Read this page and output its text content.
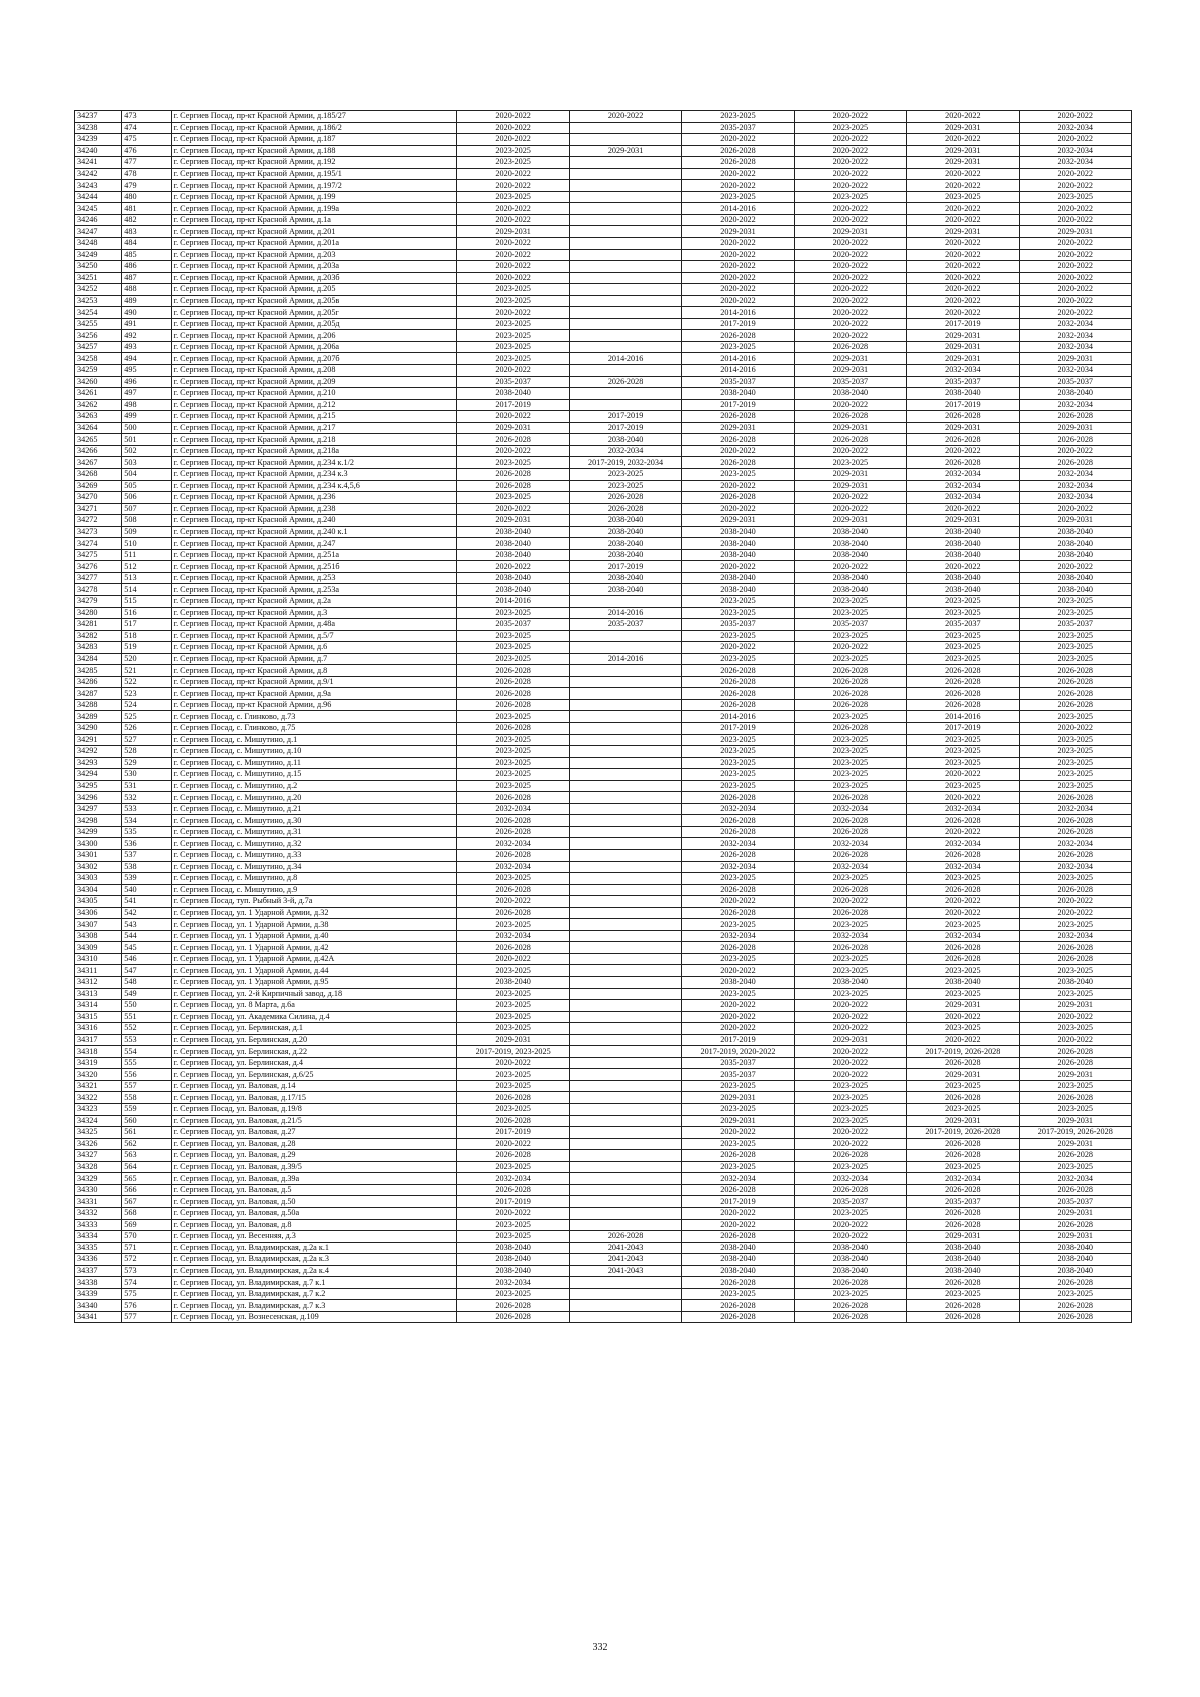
34237	473	г. Сергиев Посад, пр-кт Красной Армии, д.185/27	2020-2022	2020-2022	2023-2025	2020-2022	2020-2022	2020-2022
34238	474	г. Сергиев Посад, пр-кт Красной Армии, д.186/2	2020-2022		2035-2037	2023-2025	2029-2031	2032-2034
34239	475	г. Сергиев Посад, пр-кт Красной Армии, д.187	2020-2022		2020-2022	2020-2022	2020-2022	2020-2022
34240	476	г. Сергиев Посад, пр-кт Красной Армии, д.188	2023-2025	2029-2031	2026-2028	2020-2022	2029-2031	2032-2034
34241	477	г. Сергиев Посад, пр-кт Красной Армии, д.192	2023-2025		2026-2028	2020-2022	2029-2031	2032-2034
34242	478	г. Сергиев Посад, пр-кт Красной Армии, д.195/1	2020-2022		2020-2022	2020-2022	2020-2022	2020-2022
34243	479	г. Сергиев Посад, пр-кт Красной Армии, д.197/2	2020-2022		2020-2022	2020-2022	2020-2022	2020-2022
34244	480	г. Сергиев Посад, пр-кт Красной Армии, д.199	2023-2025		2023-2025	2023-2025	2023-2025	2023-2025
34245	481	г. Сергиев Посад, пр-кт Красной Армии, д.199а	2020-2022		2014-2016	2020-2022	2020-2022	2020-2022
34246	482	г. Сергиев Посад, пр-кт Красной Армии, д.1а	2020-2022		2020-2022	2020-2022	2020-2022	2020-2022
34247	483	г. Сергиев Посад, пр-кт Красной Армии, д.201	2029-2031		2029-2031	2029-2031	2029-2031	2029-2031
34248	484	г. Сергиев Посад, пр-кт Красной Армии, д.201а	2020-2022		2020-2022	2020-2022	2020-2022	2020-2022
34249	485	г. Сергиев Посад, пр-кт Красной Армии, д.203	2020-2022		2020-2022	2020-2022	2020-2022	2020-2022
34250	486	г. Сергиев Посад, пр-кт Красной Армии, д.203а	2020-2022		2020-2022	2020-2022	2020-2022	2020-2022
34251	487	г. Сергиев Посад, пр-кт Красной Армии, д.203б	2020-2022		2020-2022	2020-2022	2020-2022	2020-2022
34252	488	г. Сергиев Посад, пр-кт Красной Армии, д.205	2023-2025		2020-2022	2020-2022	2020-2022	2020-2022
34253	489	г. Сергиев Посад, пр-кт Красной Армии, д.205в	2023-2025		2020-2022	2020-2022	2020-2022	2020-2022
34254	490	г. Сергиев Посад, пр-кт Красной Армии, д.205г	2020-2022		2014-2016	2020-2022	2020-2022	2020-2022
34255	491	г. Сергиев Посад, пр-кт Красной Армии, д.205д	2023-2025		2017-2019	2020-2022	2017-2019	2032-2034
34256	492	г. Сергиев Посад, пр-кт Красной Армии, д.206	2023-2025		2026-2028	2020-2022	2029-2031	2032-2034
34257	493	г. Сергиев Посад, пр-кт Красной Армии, д.206а	2023-2025		2023-2025	2026-2028	2029-2031	2032-2034
34258	494	г. Сергиев Посад, пр-кт Красной Армии, д.207б	2023-2025	2014-2016	2014-2016	2029-2031	2029-2031	2029-2031
34259	495	г. Сергиев Посад, пр-кт Красной Армии, д.208	2020-2022		2014-2016	2029-2031	2032-2034	2032-2034
34260	496	г. Сергиев Посад, пр-кт Красной Армии, д.209	2035-2037	2026-2028	2035-2037	2035-2037	2035-2037	2035-2037
34261	497	г. Сергиев Посад, пр-кт Красной Армии, д.210	2038-2040		2038-2040	2038-2040	2038-2040	2038-2040
34262	498	г. Сергиев Посад, пр-кт Красной Армии, д.212	2017-2019		2017-2019	2020-2022	2017-2019	2032-2034
34263	499	г. Сергиев Посад, пр-кт Красной Армии, д.215	2020-2022	2017-2019	2026-2028	2026-2028	2026-2028	2026-2028
34264	500	г. Сергиев Посад, пр-кт Красной Армии, д.217	2029-2031	2017-2019	2029-2031	2029-2031	2029-2031	2029-2031
34265	501	г. Сергиев Посад, пр-кт Красной Армии, д.218	2026-2028	2038-2040	2026-2028	2026-2028	2026-2028	2026-2028
34266	502	г. Сергиев Посад, пр-кт Красной Армии, д.218а	2020-2022	2032-2034	2020-2022	2020-2022	2020-2022	2020-2022
34267	503	г. Сергиев Посад, пр-кт Красной Армии, д.234 к.1/2	2023-2025	2017-2019, 2032-2034	2026-2028	2023-2025	2026-2028	2026-2028
34268	504	г. Сергиев Посад, пр-кт Красной Армии, д.234 к.3	2026-2028	2023-2025	2023-2025	2029-2031	2032-2034	2032-2034
34269	505	г. Сергиев Посад, пр-кт Красной Армии, д.234 к.4,5,6	2026-2028	2023-2025	2020-2022	2029-2031	2032-2034	2032-2034
34270	506	г. Сергиев Посад, пр-кт Красной Армии, д.236	2023-2025	2026-2028	2026-2028	2020-2022	2032-2034	2032-2034
34271	507	г. Сергиев Посад, пр-кт Красной Армии, д.238	2020-2022	2026-2028	2020-2022	2020-2022	2020-2022	2020-2022
34272	508	г. Сергиев Посад, пр-кт Красной Армии, д.240	2029-2031	2038-2040	2029-2031	2029-2031	2029-2031	2029-2031
34273	509	г. Сергиев Посад, пр-кт Красной Армии, д.240 к.1	2038-2040	2038-2040	2038-2040	2038-2040	2038-2040	2038-2040
34274	510	г. Сергиев Посад, пр-кт Красной Армии, д.247	2038-2040	2038-2040	2038-2040	2038-2040	2038-2040	2038-2040
34275	511	г. Сергиев Посад, пр-кт Красной Армии, д.251а	2038-2040	2038-2040	2038-2040	2038-2040	2038-2040	2038-2040
34276	512	г. Сергиев Посад, пр-кт Красной Армии, д.251б	2020-2022	2017-2019	2020-2022	2020-2022	2020-2022	2020-2022
34277	513	г. Сергиев Посад, пр-кт Красной Армии, д.253	2038-2040	2038-2040	2038-2040	2038-2040	2038-2040	2038-2040
34278	514	г. Сергиев Посад, пр-кт Красной Армии, д.253а	2038-2040	2038-2040	2038-2040	2038-2040	2038-2040	2038-2040
34279	515	г. Сергиев Посад, пр-кт Красной Армии, д.2а	2014-2016		2023-2025	2023-2025	2023-2025	2023-2025
34280	516	г. Сергиев Посад, пр-кт Красной Армии, д.3	2023-2025	2014-2016	2023-2025	2023-2025	2023-2025	2023-2025
34281	517	г. Сергиев Посад, пр-кт Красной Армии, д.48а	2035-2037	2035-2037	2035-2037	2035-2037	2035-2037	2035-2037
34282	518	г. Сергиев Посад, пр-кт Красной Армии, д.5/7	2023-2025		2023-2025	2023-2025	2023-2025	2023-2025
34283	519	г. Сергиев Посад, пр-кт Красной Армии, д.6	2023-2025		2020-2022	2020-2022	2023-2025	2023-2025
34284	520	г. Сергиев Посад, пр-кт Красной Армии, д.7	2023-2025	2014-2016	2023-2025	2023-2025	2023-2025	2023-2025
34285	521	г. Сергиев Посад, пр-кт Красной Армии, д.8	2026-2028		2026-2028	2026-2028	2026-2028	2026-2028
34286	522	г. Сергиев Посад, пр-кт Красной Армии, д.9/1	2026-2028		2026-2028	2026-2028	2026-2028	2026-2028
34287	523	г. Сергиев Посад, пр-кт Красной Армии, д.9а	2026-2028		2026-2028	2026-2028	2026-2028	2026-2028
34288	524	г. Сергиев Посад, пр-кт Красной Армии, д.96	2026-2028		2026-2028	2026-2028	2026-2028	2026-2028
34289	525	г. Сергиев Посад, с. Глинково, д.73	2023-2025		2014-2016	2023-2025	2014-2016	2023-2025
34290	526	г. Сергиев Посад, с. Глинково, д.75	2026-2028		2017-2019	2026-2028	2017-2019	2020-2022
34291	527	г. Сергиев Посад, с. Мишутино, д.1	2023-2025		2023-2025	2023-2025	2023-2025	2023-2025
34292	528	г. Сергиев Посад, с. Мишутино, д.10	2023-2025		2023-2025	2023-2025	2023-2025	2023-2025
34293	529	г. Сергиев Посад, с. Мишутино, д.11	2023-2025		2023-2025	2023-2025	2023-2025	2023-2025
34294	530	г. Сергиев Посад, с. Мишутино, д.15	2023-2025		2023-2025	2023-2025	2020-2022	2023-2025
34295	531	г. Сергиев Посад, с. Мишутино, д.2	2023-2025		2023-2025	2023-2025	2023-2025	2023-2025
34296	532	г. Сергиев Посад, с. Мишутино, д.20	2026-2028		2026-2028	2026-2028	2020-2022	2026-2028
34297	533	г. Сергиев Посад, с. Мишутино, д.21	2032-2034		2032-2034	2032-2034	2032-2034	2032-2034
34298	534	г. Сергиев Посад, с. Мишутино, д.30	2026-2028		2026-2028	2026-2028	2026-2028	2026-2028
34299	535	г. Сергиев Посад, с. Мишутино, д.31	2026-2028		2026-2028	2026-2028	2020-2022	2026-2028
34300	536	г. Сергиев Посад, с. Мишутино, д.32	2032-2034		2032-2034	2032-2034	2032-2034	2032-2034
34301	537	г. Сергиев Посад, с. Мишутино, д.33	2026-2028		2026-2028	2026-2028	2026-2028	2026-2028
34302	538	г. Сергиев Посад, с. Мишутино, д.34	2032-2034		2032-2034	2032-2034	2032-2034	2032-2034
34303	539	г. Сергиев Посад, с. Мишутино, д.8	2023-2025		2023-2025	2023-2025	2023-2025	2023-2025
34304	540	г. Сергиев Посад, с. Мишутино, д.9	2026-2028		2026-2028	2026-2028	2026-2028	2026-2028
34305	541	г. Сергиев Посад, туп. Рыбный 3-й, д.7а	2020-2022		2020-2022	2020-2022	2020-2022	2020-2022
34306	542	г. Сергиев Посад, ул. 1 Ударной Армии, д.32	2026-2028		2026-2028	2026-2028	2020-2022	2020-2022
34307	543	г. Сергиев Посад, ул. 1 Ударной Армии, д.38	2023-2025		2023-2025	2023-2025	2023-2025	2023-2025
34308	544	г. Сергиев Посад, ул. 1 Ударной Армии, д.40	2032-2034		2032-2034	2032-2034	2032-2034	2032-2034
34309	545	г. Сергиев Посад, ул. 1 Ударной Армии, д.42	2026-2028		2026-2028	2026-2028	2026-2028	2026-2028
34310	546	г. Сергиев Посад, ул. 1 Ударной Армии, д.42А	2020-2022		2023-2025	2023-2025	2026-2028	2026-2028
34311	547	г. Сергиев Посад, ул. 1 Ударной Армии, д.44	2023-2025		2020-2022	2023-2025	2023-2025	2023-2025
34312	548	г. Сергиев Посад, ул. 1 Ударной Армии, д.95	2038-2040		2038-2040	2038-2040	2038-2040	2038-2040
34313	549	г. Сергиев Посад, ул. 2-й Кирпичный завод, д.18	2023-2025		2023-2025	2023-2025	2023-2025	2023-2025
34314	550	г. Сергиев Посад, ул. 8 Марта, д.6а	2023-2025		2020-2022	2020-2022	2029-2031	2029-2031
34315	551	г. Сергиев Посад, ул. Академика Силина, д.4	2023-2025		2020-2022	2020-2022	2020-2022	2020-2022
34316	552	г. Сергиев Посад, ул. Берлинская, д.1	2023-2025		2020-2022	2020-2022	2023-2025	2023-2025
34317	553	г. Сергиев Посад, ул. Берлинская, д.20	2029-2031		2017-2019	2029-2031	2020-2022	2020-2022
34318	554	г. Сергиев Посад, ул. Берлинская, д.22	2017-2019, 2023-2025		2017-2019, 2020-2022	2020-2022	2017-2019, 2026-2028	2026-2028
34319	555	г. Сергиев Посад, ул. Берлинская, д.4	2020-2022		2035-2037	2020-2022	2026-2028	2026-2028
34320	556	г. Сергиев Посад, ул. Берлинская, д.6/25	2023-2025		2035-2037	2020-2022	2029-2031	2029-2031
34321	557	г. Сергиев Посад, ул. Валовая, д.14	2023-2025		2023-2025	2023-2025	2023-2025	2023-2025
34322	558	г. Сергиев Посад, ул. Валовая, д.17/15	2026-2028		2029-2031	2023-2025	2026-2028	2026-2028
34323	559	г. Сергиев Посад, ул. Валовая, д.19/8	2023-2025		2023-2025	2023-2025	2023-2025	2023-2025
34324	560	г. Сергиев Посад, ул. Валовая, д.21/5	2026-2028		2029-2031	2023-2025	2029-2031	2029-2031
34325	561	г. Сергиев Посад, ул. Валовая, д.27	2017-2019		2020-2022	2020-2022	2017-2019, 2026-2028	2017-2019, 2026-2028
34326	562	г. Сергиев Посад, ул. Валовая, д.28	2020-2022		2023-2025	2020-2022	2026-2028	2029-2031
34327	563	г. Сергиев Посад, ул. Валовая, д.29	2026-2028		2026-2028	2026-2028	2026-2028	2026-2028
34328	564	г. Сергиев Посад, ул. Валовая, д.39/5	2023-2025		2023-2025	2023-2025	2023-2025	2023-2025
34329	565	г. Сергиев Посад, ул. Валовая, д.39а	2032-2034		2032-2034	2032-2034	2032-2034	2032-2034
34330	566	г. Сергиев Посад, ул. Валовая, д.5	2026-2028		2026-2028	2026-2028	2026-2028	2026-2028
34331	567	г. Сергиев Посад, ул. Валовая, д.50	2017-2019		2017-2019	2035-2037	2035-2037	2035-2037
34332	568	г. Сергиев Посад, ул. Валовая, д.50а	2020-2022		2020-2022	2023-2025	2026-2028	2029-2031
34333	569	г. Сергиев Посад, ул. Валовая, д.8	2023-2025		2020-2022	2020-2022	2026-2028	2026-2028
34334	570	г. Сергиев Посад, ул. Весенняя, д.3	2023-2025	2026-2028	2026-2028	2020-2022	2029-2031	2029-2031
34335	571	г. Сергиев Посад, ул. Владимирская, д.2а к.1	2038-2040	2041-2043	2038-2040	2038-2040	2038-2040	2038-2040
34336	572	г. Сергиев Посад, ул. Владимирская, д.2а к.3	2038-2040	2041-2043	2038-2040	2038-2040	2038-2040	2038-2040
34337	573	г. Сергиев Посад, ул. Владимирская, д.2а к.4	2038-2040	2041-2043	2038-2040	2038-2040	2038-2040	2038-2040
34338	574	г. Сергиев Посад, ул. Владимирская, д.7 к.1	2032-2034		2026-2028	2026-2028	2026-2028	2026-2028
34339	575	г. Сергиев Посад, ул. Владимирская, д.7 к.2	2023-2025		2023-2025	2023-2025	2023-2025	2023-2025
34340	576	г. Сергиев Посад, ул. Владимирская, д.7 к.3	2026-2028		2026-2028	2026-2028	2026-2028	2026-2028
34341	577	г. Сергиев Посад, ул. Вознесенская, д.109	2026-2028		2026-2028	2026-2028	2026-2028	2026-2028
332
